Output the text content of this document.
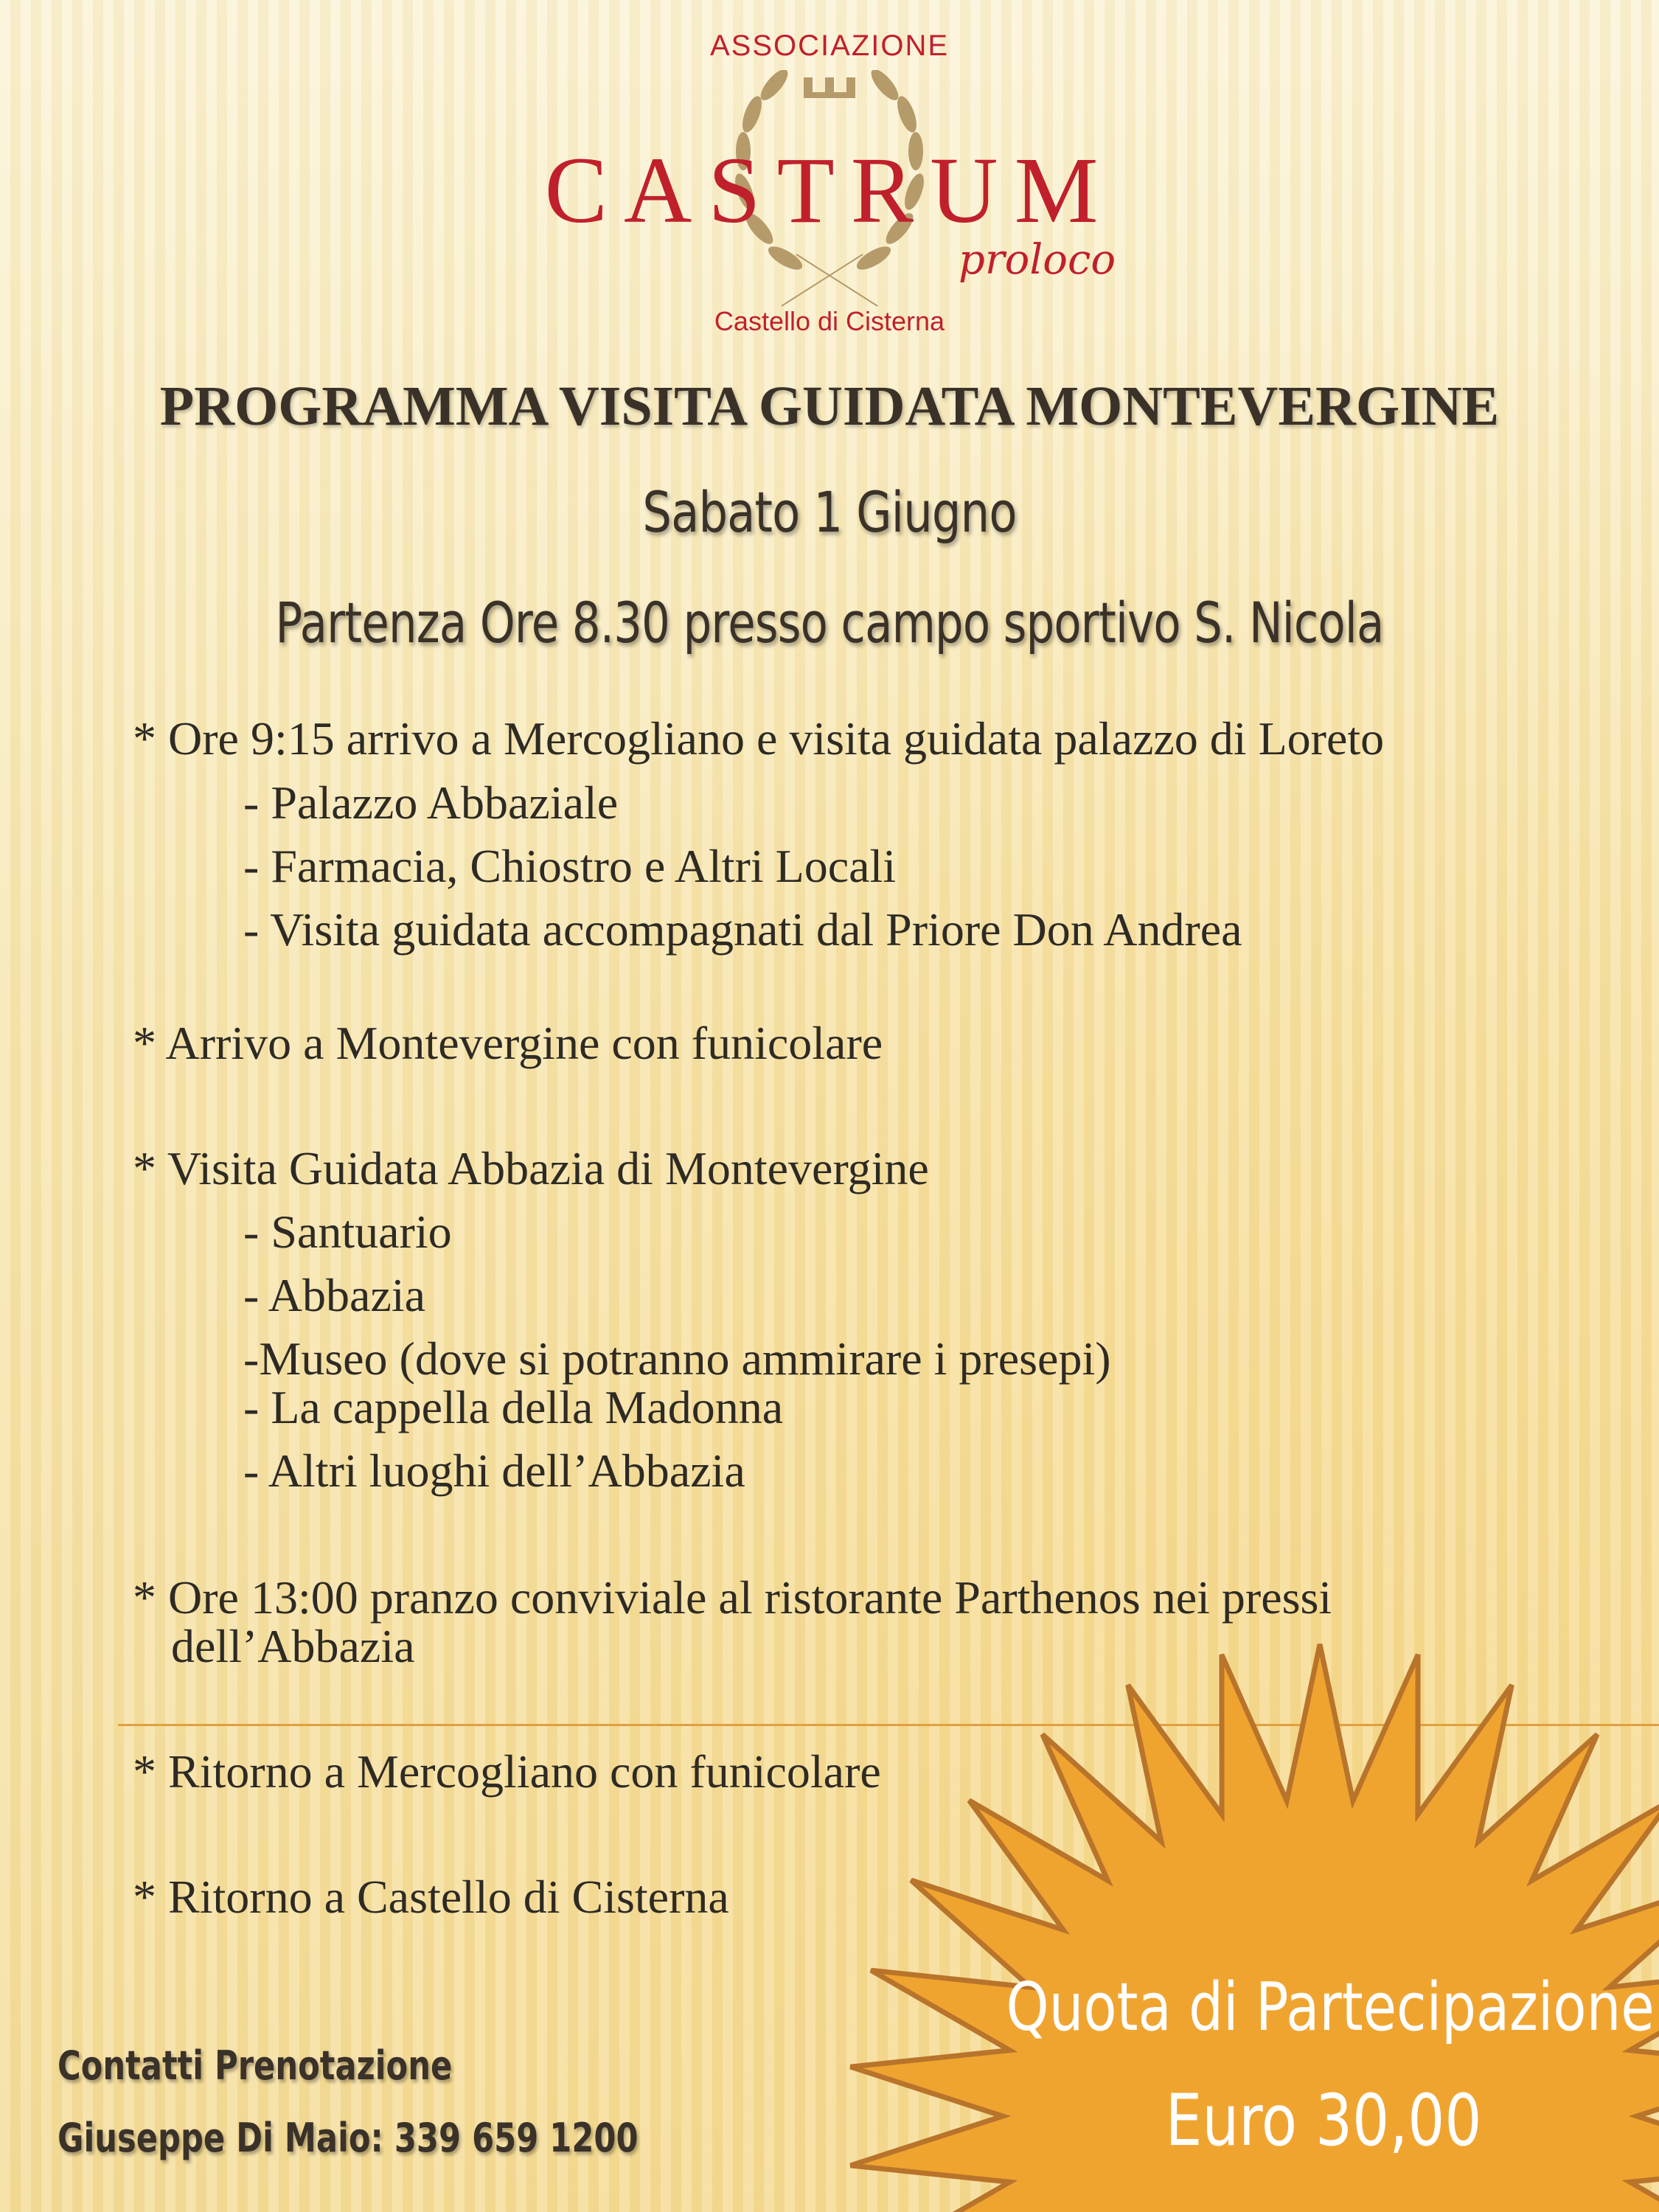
ASSOCIAZIONE
CASTRUM
proloco
Castello di Cisterna
PROGRAMMA VISITA GUIDATA MONTEVERGINE
Sabato 1 Giugno
Partenza Ore 8.30 presso campo sportivo S. Nicola
* Ore 9:15 arrivo a Mercogliano e visita guidata palazzo di Loreto
- Palazzo Abbaziale
- Farmacia, Chiostro e Altri Locali
- Visita guidata accompagnati dal Priore Don Andrea
* Arrivo a Montevergine con funicolare
* Visita Guidata Abbazia di Montevergine
- Santuario
- Abbazia
-Museo (dove si potranno ammirare i presepi)
- La cappella della Madonna
- Altri luoghi dell’Abbazia
* Ore 13:00 pranzo conviviale al ristorante Parthenos nei pressi
dell’Abbazia
* Ritorno a Mercogliano con funicolare
* Ritorno a Castello di Cisterna
Quota di Partecipazione
Euro 30,00
Contatti Prenotazione
Giuseppe Di Maio: 339 659 1200
